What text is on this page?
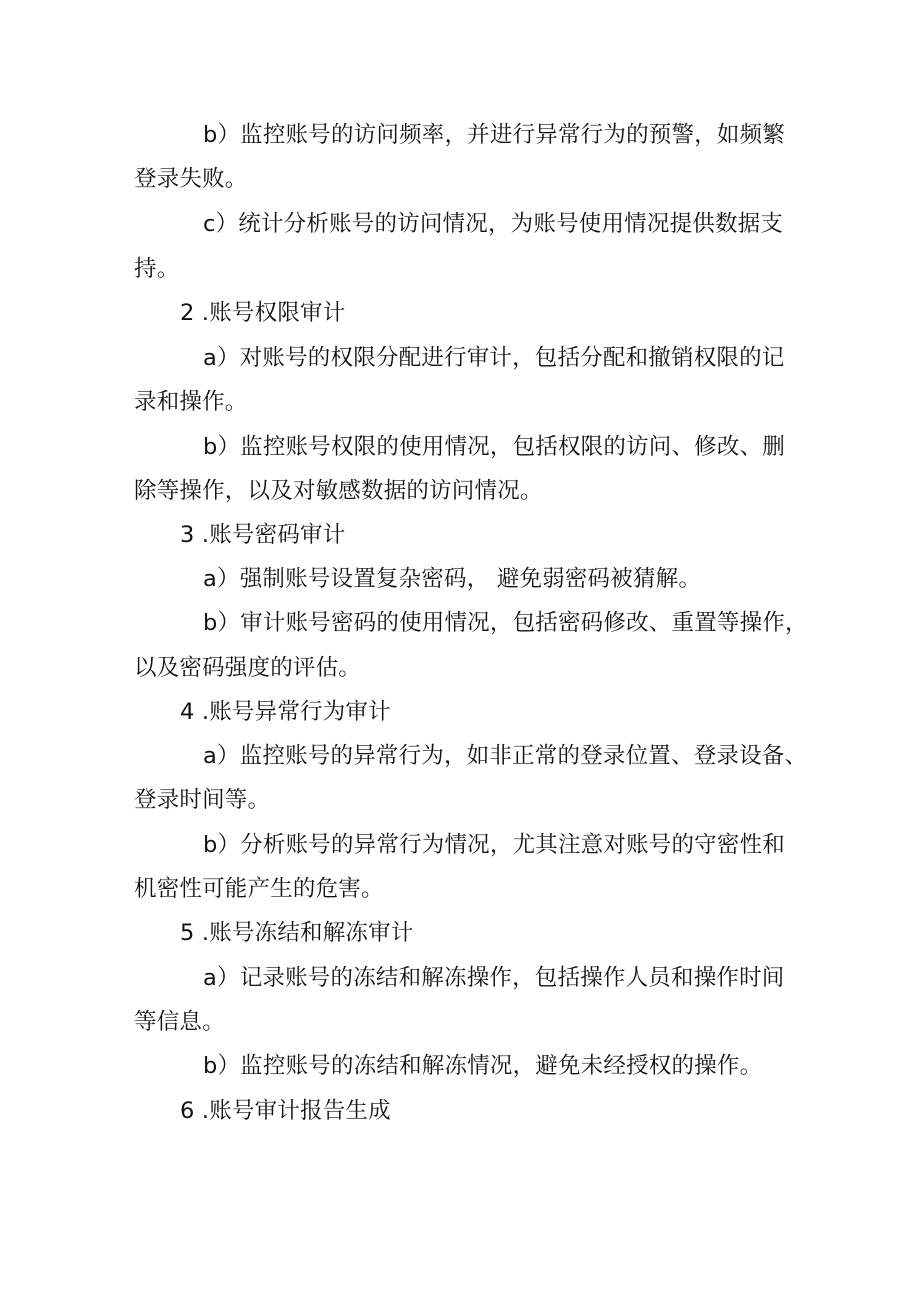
b）监控账号的访问频率，并进行异常行为的预警，如频繁
登录失败。
c）统计分析账号的访问情况，为账号使用情况提供数据支
持。
2 .账号权限审计
a）对账号的权限分配进行审计，包括分配和撤销权限的记
录和操作。
b）监控账号权限的使用情况，包括权限的访问、修改、删
除等操作，以及对敏感数据的访问情况。
3 .账号密码审计
a）强制账号设置复杂密码， 避免弱密码被猜解。
b）审计账号密码的使用情况，包括密码修改、重置等操作，
以及密码强度的评估。
4 .账号异常行为审计
a）监控账号的异常行为，如非正常的登录位置、登录设备、
登录时间等。
b）分析账号的异常行为情况，尤其注意对账号的守密性和
机密性可能产生的危害。
5 .账号冻结和解冻审计
a）记录账号的冻结和解冻操作，包括操作人员和操作时间
等信息。
b）监控账号的冻结和解冻情况，避免未经授权的操作。
6 .账号审计报告生成
